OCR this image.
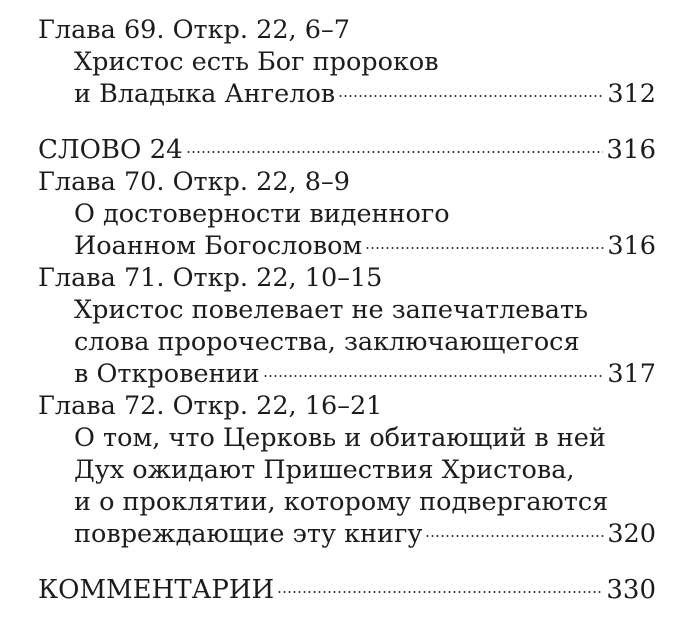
Глава 69. Откр. 22, 6–7
Христос есть Бог пророков
и Владыка Ангелов	312
СЛОВО 24	316
Глава 70. Откр. 22, 8–9
О достоверности виденного
Иоанном Богословом	316
Глава 71. Откр. 22, 10–15
Христос повелевает не запечатлевать
слова пророчества, заключающегося
в Откровении	317
Глава 72. Откр. 22, 16–21
О том, что Церковь и обитающий в ней
Дух ожидают Пришествия Христова,
и о проклятии, которому подвергаются
повреждающие эту книгу	320
КОММЕНТАРИИ	330
